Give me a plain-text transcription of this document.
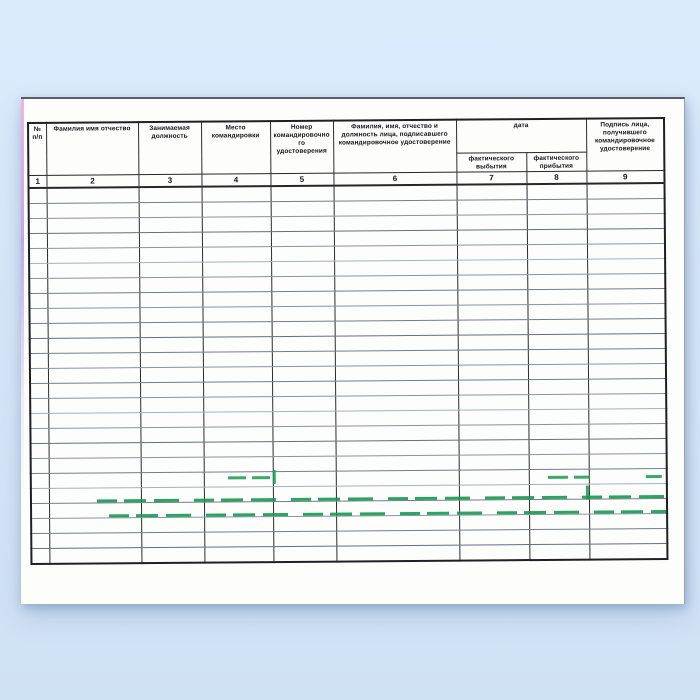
№
п/п	Фамилия имя отчество	Занимаемая должность	Место командировки	Номер командировочного удостоверения	Фамилия, имя, отчество и должность лица, подписавшего командировочное удостоверение	дата		Подпись лица, получившего командировочное удостоверение
						фактического выбытия	фактического прибытия	
1	2	3	4	5	6	7	8	9
